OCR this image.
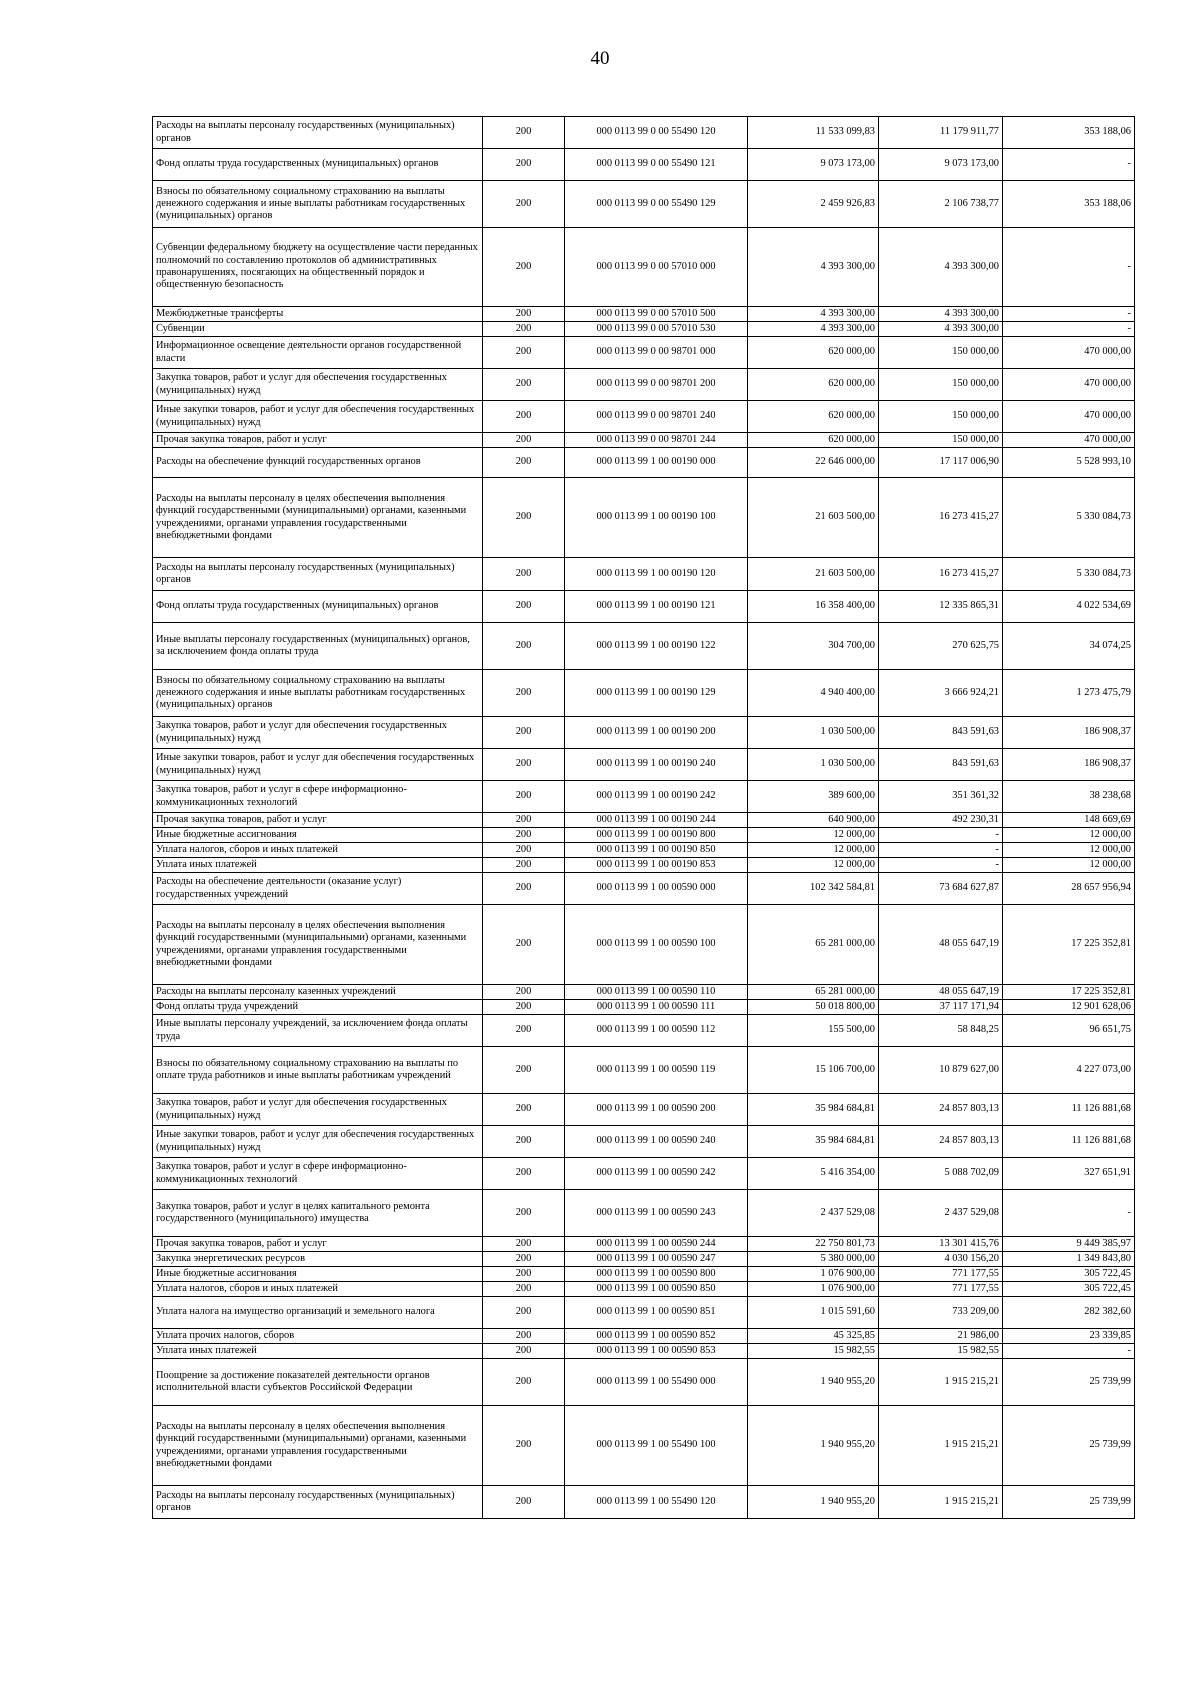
40
Расходы на выплаты персоналу государственных (муниципальных) органов	200	000 0113 99 0 00 55490 120	11 533 099,83	11 179 911,77	353 188,06
Фонд оплаты труда государственных (муниципальных) органов	200	000 0113 99 0 00 55490 121	9 073 173,00	9 073 173,00	-
Взносы по обязательному социальному страхованию на выплаты денежного содержания и иные выплаты работникам государственных (муниципальных) органов	200	000 0113 99 0 00 55490 129	2 459 926,83	2 106 738,77	353 188,06
Субвенции федеральному бюджету на осуществление части переданных полномочий по составлению протоколов об административных правонарушениях, посягающих на общественный порядок и общественную безопасность	200	000 0113 99 0 00 57010 000	4 393 300,00	4 393 300,00	-
Межбюджетные трансферты	200	000 0113 99 0 00 57010 500	4 393 300,00	4 393 300,00	-
Субвенции	200	000 0113 99 0 00 57010 530	4 393 300,00	4 393 300,00	-
Информационное освещение деятельности органов государственной власти	200	000 0113 99 0 00 98701 000	620 000,00	150 000,00	470 000,00
Закупка товаров, работ и услуг для обеспечения государственных (муниципальных) нужд	200	000 0113 99 0 00 98701 200	620 000,00	150 000,00	470 000,00
Иные закупки товаров, работ и услуг для обеспечения государственных (муниципальных) нужд	200	000 0113 99 0 00 98701 240	620 000,00	150 000,00	470 000,00
Прочая закупка товаров, работ и услуг	200	000 0113 99 0 00 98701 244	620 000,00	150 000,00	470 000,00
Расходы на обеспечение функций государственных органов	200	000 0113 99 1 00 00190 000	22 646 000,00	17 117 006,90	5 528 993,10
Расходы на выплаты персоналу в целях обеспечения выполнения функций государственными (муниципальными) органами, казенными учреждениями, органами управления государственными внебюджетными фондами	200	000 0113 99 1 00 00190 100	21 603 500,00	16 273 415,27	5 330 084,73
Расходы на выплаты персоналу государственных (муниципальных) органов	200	000 0113 99 1 00 00190 120	21 603 500,00	16 273 415,27	5 330 084,73
Фонд оплаты труда государственных (муниципальных) органов	200	000 0113 99 1 00 00190 121	16 358 400,00	12 335 865,31	4 022 534,69
Иные выплаты персоналу государственных (муниципальных) органов, за исключением фонда оплаты труда	200	000 0113 99 1 00 00190 122	304 700,00	270 625,75	34 074,25
Взносы по обязательному социальному страхованию на выплаты денежного содержания и иные выплаты работникам государственных (муниципальных) органов	200	000 0113 99 1 00 00190 129	4 940 400,00	3 666 924,21	1 273 475,79
Закупка товаров, работ и услуг для обеспечения государственных (муниципальных) нужд	200	000 0113 99 1 00 00190 200	1 030 500,00	843 591,63	186 908,37
Иные закупки товаров, работ и услуг для обеспечения государственных (муниципальных) нужд	200	000 0113 99 1 00 00190 240	1 030 500,00	843 591,63	186 908,37
Закупка товаров, работ и услуг в сфере информационно-коммуникационных технологий	200	000 0113 99 1 00 00190 242	389 600,00	351 361,32	38 238,68
Прочая закупка товаров, работ и услуг	200	000 0113 99 1 00 00190 244	640 900,00	492 230,31	148 669,69
Иные бюджетные ассигнования	200	000 0113 99 1 00 00190 800	12 000,00	-	12 000,00
Уплата налогов, сборов и иных платежей	200	000 0113 99 1 00 00190 850	12 000,00	-	12 000,00
Уплата иных платежей	200	000 0113 99 1 00 00190 853	12 000,00	-	12 000,00
Расходы на обеспечение деятельности (оказание услуг) государственных учреждений	200	000 0113 99 1 00 00590 000	102 342 584,81	73 684 627,87	28 657 956,94
Расходы на выплаты персоналу в целях обеспечения выполнения функций государственными (муниципальными) органами, казенными учреждениями, органами управления государственными внебюджетными фондами	200	000 0113 99 1 00 00590 100	65 281 000,00	48 055 647,19	17 225 352,81
Расходы на выплаты персоналу казенных учреждений	200	000 0113 99 1 00 00590 110	65 281 000,00	48 055 647,19	17 225 352,81
Фонд оплаты труда учреждений	200	000 0113 99 1 00 00590 111	50 018 800,00	37 117 171,94	12 901 628,06
Иные выплаты персоналу учреждений, за исключением фонда оплаты труда	200	000 0113 99 1 00 00590 112	155 500,00	58 848,25	96 651,75
Взносы по обязательному социальному страхованию на выплаты по оплате труда работников и иные выплаты работникам учреждений	200	000 0113 99 1 00 00590 119	15 106 700,00	10 879 627,00	4 227 073,00
Закупка товаров, работ и услуг для обеспечения государственных (муниципальных) нужд	200	000 0113 99 1 00 00590 200	35 984 684,81	24 857 803,13	11 126 881,68
Иные закупки товаров, работ и услуг для обеспечения государственных (муниципальных) нужд	200	000 0113 99 1 00 00590 240	35 984 684,81	24 857 803,13	11 126 881,68
Закупка товаров, работ и услуг в сфере информационно-коммуникационных технологий	200	000 0113 99 1 00 00590 242	5 416 354,00	5 088 702,09	327 651,91
Закупка товаров, работ и услуг в целях капитального ремонта государственного (муниципального) имущества	200	000 0113 99 1 00 00590 243	2 437 529,08	2 437 529,08	-
Прочая закупка товаров, работ и услуг	200	000 0113 99 1 00 00590 244	22 750 801,73	13 301 415,76	9 449 385,97
Закупка энергетических ресурсов	200	000 0113 99 1 00 00590 247	5 380 000,00	4 030 156,20	1 349 843,80
Иные бюджетные ассигнования	200	000 0113 99 1 00 00590 800	1 076 900,00	771 177,55	305 722,45
Уплата налогов, сборов и иных платежей	200	000 0113 99 1 00 00590 850	1 076 900,00	771 177,55	305 722,45
Уплата налога на имущество организаций и земельного налога	200	000 0113 99 1 00 00590 851	1 015 591,60	733 209,00	282 382,60
Уплата прочих налогов, сборов	200	000 0113 99 1 00 00590 852	45 325,85	21 986,00	23 339,85
Уплата иных платежей	200	000 0113 99 1 00 00590 853	15 982,55	15 982,55	-
Поощрение за достижение показателей деятельности органов исполнительной власти субъектов Российской Федерации	200	000 0113 99 1 00 55490 000	1 940 955,20	1 915 215,21	25 739,99
Расходы на выплаты персоналу в целях обеспечения выполнения функций государственными (муниципальными) органами, казенными учреждениями, органами управления государственными внебюджетными фондами	200	000 0113 99 1 00 55490 100	1 940 955,20	1 915 215,21	25 739,99
Расходы на выплаты персоналу государственных (муниципальных) органов	200	000 0113 99 1 00 55490 120	1 940 955,20	1 915 215,21	25 739,99
